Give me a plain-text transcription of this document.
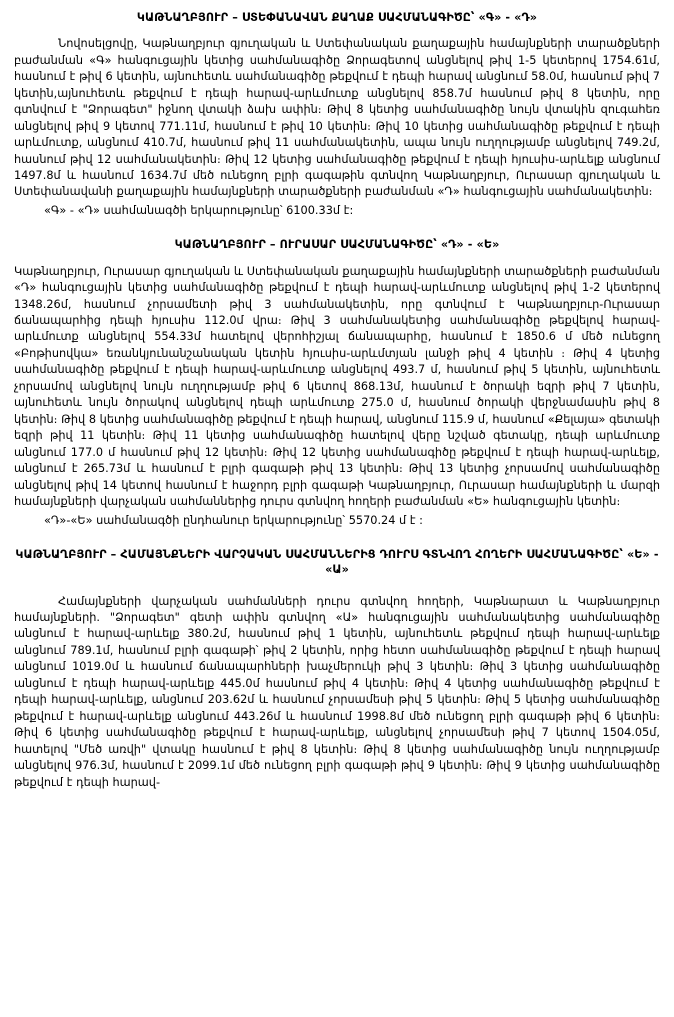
ԿԱԹՆԱՂԲՅՈՒՐ – ՍՏԵՓԱՆԱՎԱՆ ՔԱՂԱՔ ՍԱՀՄԱՆԱԳԻԾԸ՝ «Գ» - «Դ»

Նովոսելցովը, Կաթնաղբյուր գյուղական և Ստեփանական քաղաքային համայնքների տարածքների բաժանման «Գ» հանգուցային կետից սահմանագիծը Ձորագետով անցնելով թիվ 1-5 կետերով 1754.61մ, հասնում է թիվ 6 կետին, այնուհետև սահմանագիծը թեքվում է դեպի հարավ անցնում 58.0մ, հասնում թիվ 7 կետին,այնուհետև թեքվում է դեպի հարավ-արևմուտք անցնելով 858.7մ հասնում թիվ 8 կետին, որը գտնվում է "Ձորագետ" իջնող վտակի ձախ ափին։ Թիվ 8 կետից սահմանագիծը նույն վտակին զուգահեռ անցնելով թիվ 9 կետով 771.11մ, հասնում է թիվ 10 կետին։ Թիվ 10 կետից սահմանագիծը թեքվում է դեպի արևմուտք, անցնում 410.7մ, հասնում թիվ 11 սահմանակետին, ապա նույն ուղղությամբ անցնելով 749.2մ, հասնում թիվ 12 սահմանակետին։ Թիվ 12 կետից սահմանագիծը թեքվում է դեպի հյուսիս-արևելք անցնում 1497.8մ և հասնում 1634.7մ մեծ ունեցող բլրի գագաթին գտնվող Կաթնաղբյուր, Ուրասար գյուղական և Ստեփանավանի քաղաքային համայնքների տարածքների բաժանման «Դ» հանգուցային սահմանակետին։

«Գ» - «Դ» սահմանագծի երկարությունը՝ 6100.33մ է:

ԿԱԹՆԱՂԲՅՈՒՐ – ՈՒՐԱՍԱՐ ՍԱՀՄԱՆԱԳԻԾԸ՝ «Դ» - «Ե»

Կաթնաղբյուր, Ուրասար գյուղական և Ստեփանական քաղաքային համայնքների տարածքների բաժանման «Դ» հանգուցային կետից սահմանագիծը թեքվում է դեպի հարավ-արևմուտք անցնելով թիվ 1-2 կետերով 1348.26մ, հասնում չորսամետի թիվ 3 սահմանակետին, որը գտնվում է Կաթնաղբյուր-Ուրասար ճանապարհից դեպի հյուսիս 112.0մ վրա։ Թիվ 3 սահմանակետից սահմանագիծը թեքվելով հարավ-արևմուտք անցնելով 554.33մ հատելով վերոհիշյալ ճանապարհը, հասնում է 1850.6 մ մեծ ունեցող «Բոթիսովկա» եռանկյունանշանական կետին հյուսիս-արևմտյան լանջի թիվ 4 կետին ։ Թիվ 4 կետից սահմանագիծը թեքվում է դեպի հարավ-արևմուտք անցնելով 493.7 մ, հասնում թիվ 5 կետին, այնուհետև չորսամով անցնելով նույն ուղղությամբ թիվ 6 կետով 868.13մ, հասնում է ծորակի եզրի թիվ 7 կետին, այնուհետև նույն ծորակով անցնելով դեպի արևմուտք 275.0 մ, հասնում ծորակի վերջնամասին թիվ 8 կետին։ Թիվ 8 կետից սահմանագիծը թեքվում է դեպի հարավ, անցնում 115.9 մ, հասնում «Քելայա» գետակի եզրի թիվ 11 կետին։ Թիվ 11 կետից սահմանագիծը հատելով վերը նշված գետակը, դեպի արևմուտք անցնում 177.0 մ հասնում թիվ 12 կետին։ Թիվ 12 կետից սահմանագիծը թեքվում է դեպի հարավ-արևելք, անցնում է 265.73մ և հասնում է բլրի գագաթի թիվ 13 կետին։ Թիվ 13 կետից չորսամով սահմանագիծը անցնելով թիվ 14 կետով հասնում է հաջորդ բլրի գագաթի Կաթնաղբյուր, Ուրասար համայնքների և մարզի համայնքների վարչական սահմաններից դուրս գտնվող հողերի բաժանման «Ե» հանգուցային կետին։

«Դ»-«Ե» սահմանագծի ընդհանուր երկարությունը՝ 5570.24 մ է :

ԿԱԹՆԱՂԲՅՈՒՐ – ՀԱՄԱՅՆՔՆԵՐԻ ՎԱՐՉԱԿԱՆ ՍԱՀՄԱՆՆԵՐԻՑ ԴՈՒՐՍ ԳՏՆՎՈՂ ՀՈՂԵՐԻ ՍԱՀՄԱՆԱԳԻԾԸ՝ «Ե» - «Ա»

Համայնքների վարչական սահմանների դուրս գտնվող հողերի, Կաթնարատ և Կաթնաղբյուր համայնքների. "Ձորագետ" գետի ափին գտնվող «Ա» հանգուցային սահմանակետից սահմանագիծը անցնում է հարավ-արևելք 380.2մ, հասնում թիվ 1 կետին, այնուհետև թեքվում դեպի հարավ-արևելք անցնում 789.1մ, հասնում բլրի գագաթի՝ թիվ 2 կետին, որից հետո սահմանագիծը թեքվում է դեպի հարավ անցնում 1019.0մ և հասնում ճանապարհների խաչմերուկի թիվ 3 կետին։ Թիվ 3 կետից սահմանագիծը անցնում է դեպի հարավ-արևելք 445.0մ հասնում թիվ 4 կետին։ Թիվ 4 կետից սահմանագիծը թեքվում է դեպի հարավ-արևելք, անցնում 203.62մ և հասնում չորսամեսի թիվ 5 կետին։ Թիվ 5 կետից սահմանագիծը թեքվում է հարավ-արևելք անցնում 443.26մ և հասնում 1998.8մ մեծ ունեցող բլրի գագաթի թիվ 6 կետին։ Թիվ 6 կետից սահմանագիծը թեքվում է հարավ-արևելք, անցնելով չորսամեսի թիվ 7 կետով 1504.05մ, հատելով "Մեծ առվի" վտակը հասնում է թիվ 8 կետին։ Թիվ 8 կետից սահմանագիծը նույն ուղղությամբ անցնելով 976.3մ, հասնում է 2099.1մ մեծ ունեցող բլրի գագաթի թիվ 9 կետին։ Թիվ 9 կետից սահմանագիծը թեքվում է դեպի հարավ-
